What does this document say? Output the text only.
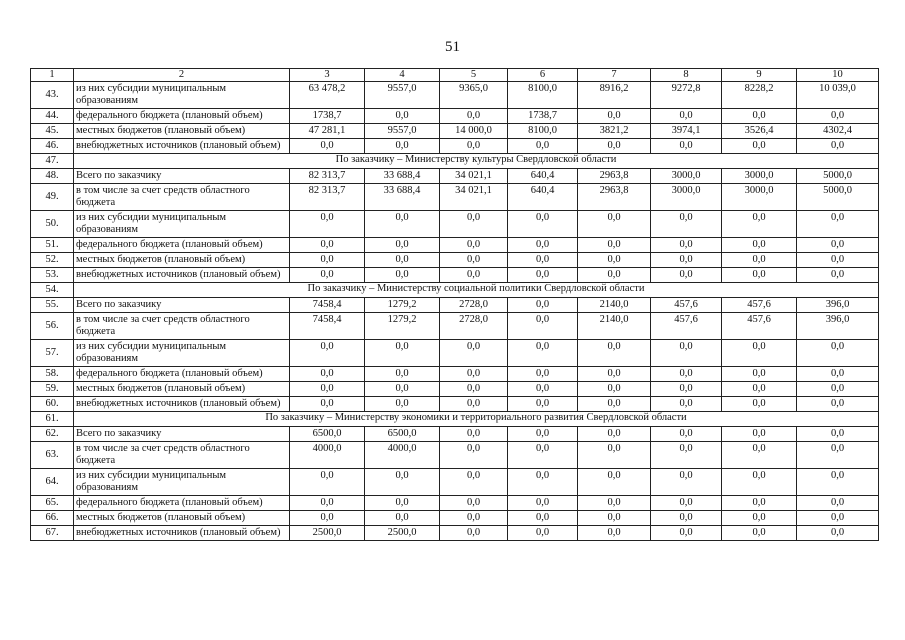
51
1	2	3	4	5	6	7	8	9	10
43.	из них субсидии муниципальным образованиям	63 478,2	9557,0	9365,0	8100,0	8916,2	9272,8	8228,2	10 039,0
44.	федерального бюджета (плановый объем)	1738,7	0,0	0,0	1738,7	0,0	0,0	0,0	0,0
45.	местных бюджетов (плановый объем)	47 281,1	9557,0	14 000,0	8100,0	3821,2	3974,1	3526,4	4302,4
46.	внебюджетных источников (плановый объем)	0,0	0,0	0,0	0,0	0,0	0,0	0,0	0,0
47.	По заказчику – Министерству культуры Свердловской области								
48.	Всего по заказчику	82 313,7	33 688,4	34 021,1	640,4	2963,8	3000,0	3000,0	5000,0
49.	в том числе за счет средств областного бюджета	82 313,7	33 688,4	34 021,1	640,4	2963,8	3000,0	3000,0	5000,0
50.	из них субсидии муниципальным образованиям	0,0	0,0	0,0	0,0	0,0	0,0	0,0	0,0
51.	федерального бюджета (плановый объем)	0,0	0,0	0,0	0,0	0,0	0,0	0,0	0,0
52.	местных бюджетов (плановый объем)	0,0	0,0	0,0	0,0	0,0	0,0	0,0	0,0
53.	внебюджетных источников (плановый объем)	0,0	0,0	0,0	0,0	0,0	0,0	0,0	0,0
54.	По заказчику – Министерству социальной политики Свердловской области								
55.	Всего по заказчику	7458,4	1279,2	2728,0	0,0	2140,0	457,6	457,6	396,0
56.	в том числе за счет средств областного бюджета	7458,4	1279,2	2728,0	0,0	2140,0	457,6	457,6	396,0
57.	из них субсидии муниципальным образованиям	0,0	0,0	0,0	0,0	0,0	0,0	0,0	0,0
58.	федерального бюджета (плановый объем)	0,0	0,0	0,0	0,0	0,0	0,0	0,0	0,0
59.	местных бюджетов (плановый объем)	0,0	0,0	0,0	0,0	0,0	0,0	0,0	0,0
60.	внебюджетных источников (плановый объем)	0,0	0,0	0,0	0,0	0,0	0,0	0,0	0,0
61.	По заказчику – Министерству экономики и территориального развития Свердловской области								
62.	Всего по заказчику	6500,0	6500,0	0,0	0,0	0,0	0,0	0,0	0,0
63.	в том числе за счет средств областного бюджета	4000,0	4000,0	0,0	0,0	0,0	0,0	0,0	0,0
64.	из них субсидии муниципальным образованиям	0,0	0,0	0,0	0,0	0,0	0,0	0,0	0,0
65.	федерального бюджета (плановый объем)	0,0	0,0	0,0	0,0	0,0	0,0	0,0	0,0
66.	местных бюджетов (плановый объем)	0,0	0,0	0,0	0,0	0,0	0,0	0,0	0,0
67.	внебюджетных источников (плановый объем)	2500,0	2500,0	0,0	0,0	0,0	0,0	0,0	0,0
